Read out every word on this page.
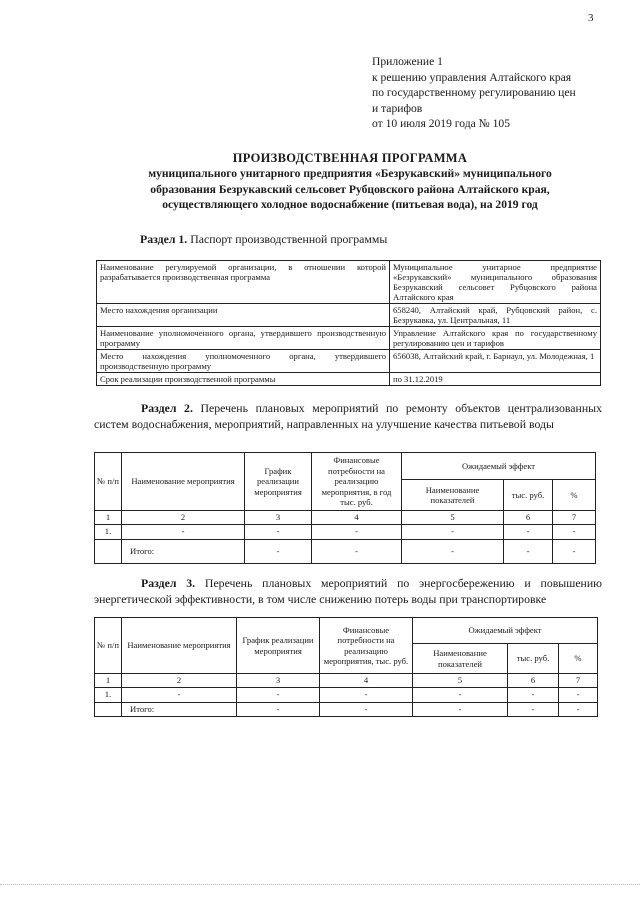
3
Приложение 1
к решению управления Алтайского края
по государственному регулированию цен
и тарифов
от 10 июля 2019 года № 105
ПРОИЗВОДСТВЕННАЯ ПРОГРАММА
муниципального унитарного предприятия «Безрукавский» муниципального
образования Безрукавский сельсовет Рубцовского района Алтайского края,
осуществляющего холодное водоснабжение (питьевая вода), на 2019 год
Раздел 1. Паспорт производственной программы
Наименование регулируемой организации, в отношении которой разрабатывается производственная программа	Муниципальное унитарное предприятие «Безрукавский» муниципального образования Безрукавский сельсовет Рубцовского района Алтайского края
Место нахождения организации	658240, Алтайский край, Рубцовский район, с. Безрукавка, ул. Центральная, 11
Наименование уполномоченного органа, утвердившего производственную программу	Управление Алтайского края по государственному регулированию цен и тарифов
Место нахождения уполномоченного органа, утвердившего производственную программу	656038, Алтайский край, г. Барнаул, ул. Молодежная, 1
Срок реализации производственной программы	по 31.12.2019
Раздел 2. Перечень плановых мероприятий по ремонту объектов централизованных систем водоснабжения, мероприятий, направленных на улучшение качества питьевой воды
№ п/п	Наименование мероприятия	График реализации мероприятия	Финансовые потребности на реализацию мероприятия, в год тыс. руб.	Ожидаемый эффект		
				Наименование показателей	тыс. руб.	%
1	2	3	4	5	6	7
1.	-	-	-	-	-	-
	Итого:	-	-	-	-	-
Раздел 3. Перечень плановых мероприятий по энергосбережению и повышению энергетической эффективности, в том числе снижению потерь воды при транспортировке
№ п/п	Наименование мероприятия	График реализации мероприятия	Финансовые потребности на реализацию мероприятия, тыс. руб.	Ожидаемый эффект		
				Наименование показателей	тыс. руб.	%
1	2	3	4	5	6	7
1.	-	-	-	-	-	-
	Итого:	-	-	-	-	-
